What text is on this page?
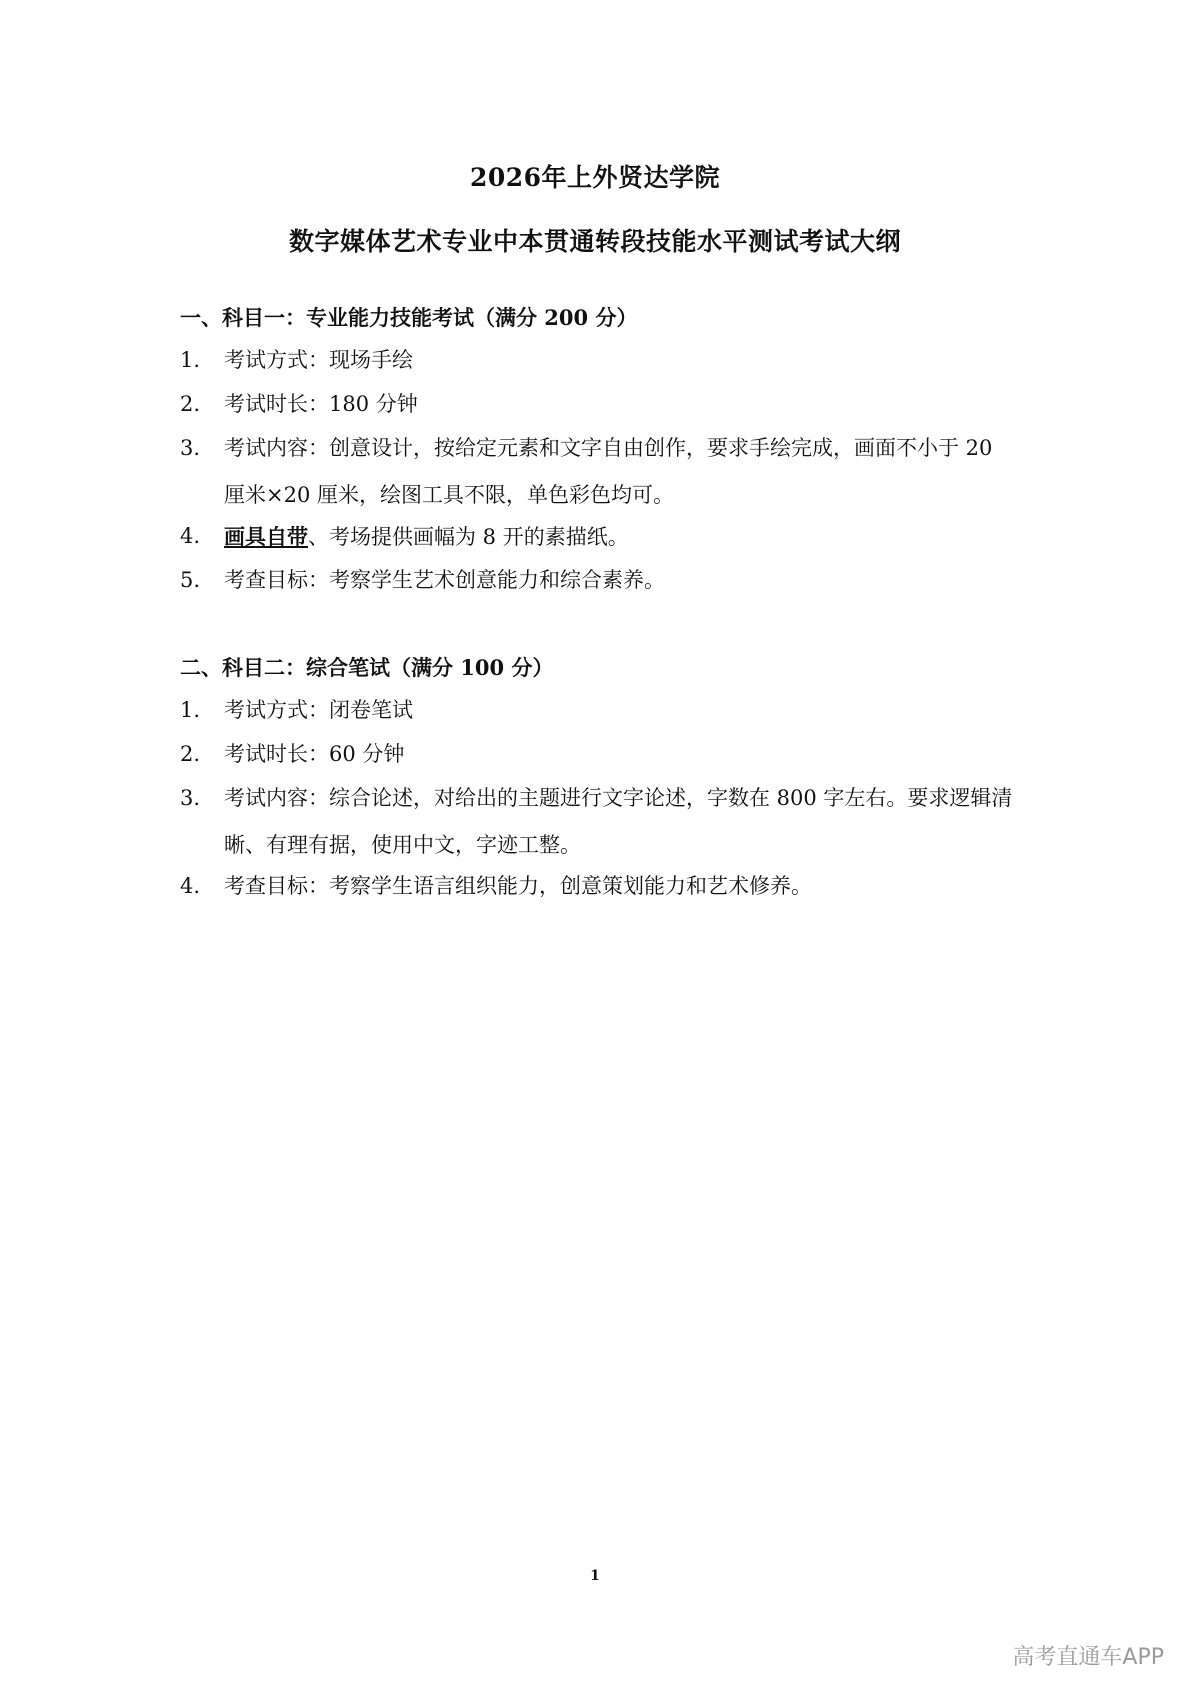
2026年上外贤达学院
数字媒体艺术专业中本贯通转段技能水平测试考试大纲
一、科目一：专业能力技能考试（满分 200 分）
1.	考试方式：现场手绘
2.	考试时长：180 分钟
3.	考试内容：创意设计，按给定元素和文字自由创作，要求手绘完成，画面不小于 20 厘米×20 厘米，绘图工具不限，单色彩色均可。
4.	画具自带、考场提供画幅为 8 开的素描纸。
5.	考查目标：考察学生艺术创意能力和综合素养。
二、科目二：综合笔试（满分 100 分）
1.	考试方式：闭卷笔试
2.	考试时长：60 分钟
3.	考试内容：综合论述，对给出的主题进行文字论述，字数在 800 字左右。要求逻辑清晰、有理有据，使用中文，字迹工整。
4.	考查目标：考察学生语言组织能力，创意策划能力和艺术修养。
1
高考直通车APP
